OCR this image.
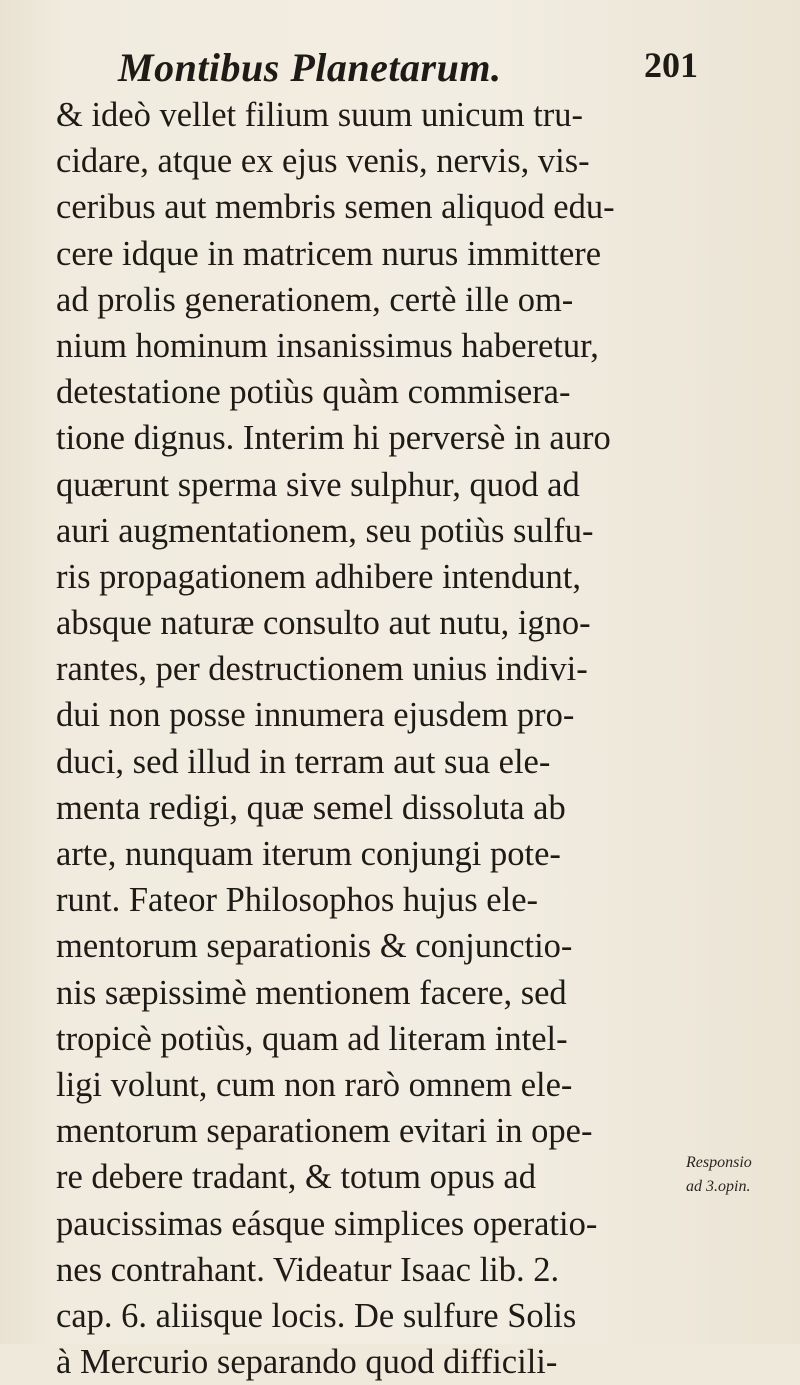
Montibus Planetarum.	201
& ideò vellet filium suum unicum tru-
cidare, atque ex ejus venis, nervis, vis-
ceribus aut membris semen aliquod edu-
cere idque in matricem nurus immittere
ad prolis generationem, certè ille om-
nium hominum insanissimus haberetur,
detestatione potiùs quàm commisera-
tione dignus. Interim hi perversè in auro
quærunt sperma sive sulphur, quod ad
auri augmentationem, seu potiùs sulfu-
ris propagationem adhibere intendunt,
absque naturæ consulto aut nutu, igno-
rantes, per destructionem unius indivi-
dui non posse innumera ejusdem pro-
duci, sed illud in terram aut sua ele-
menta redigi, quæ semel dissoluta ab
arte, nunquam iterum conjungi pote-
runt. Fateor Philosophos hujus ele-
mentorum separationis & conjunctio-
nis sæpissimè mentionem facere, sed
tropicè potiùs, quam ad literam intel-
ligi volunt, cum non rarò omnem ele-
mentorum separationem evitari in ope-
re debere tradant, & totum opus ad
paucissimas eásque simplices operatio-
nes contrahant. Videatur Isaac lib. 2.
cap. 6. aliisque locis. De sulfure Solis
à Mercurio separando quod difficili-
Responsio
ad 3.opin.
